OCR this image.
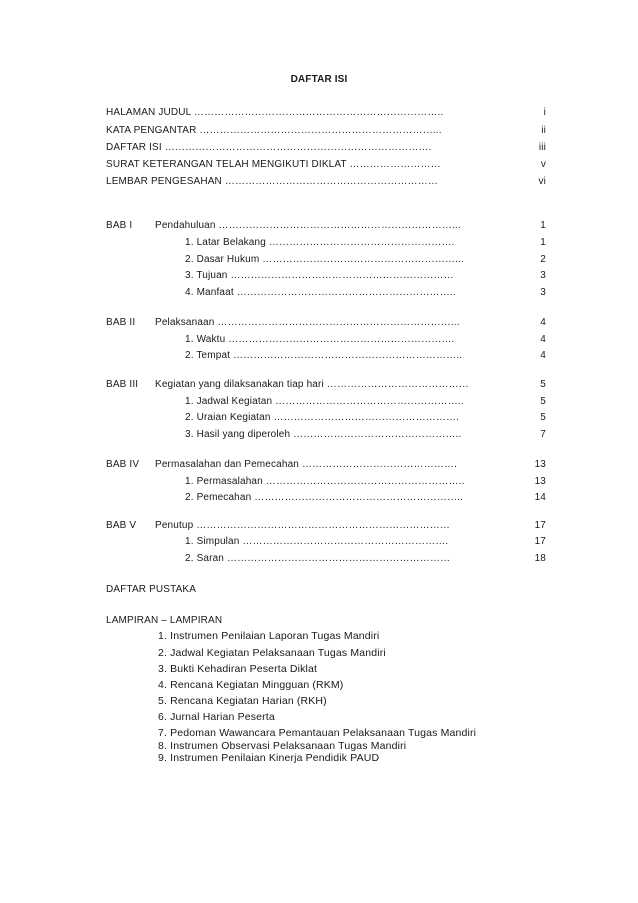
DAFTAR ISI
HALAMAN JUDUL ………………………………………………………………..	i
KATA PENGANTAR ……………………………………………………………...	ii
DAFTAR ISI …………………………………………………………………….	iii
SURAT KETERANGAN TELAH MENGIKUTI DIKLAT ………………………	v
LEMBAR PENGESAHAN ………………………………………………………	vi
BAB I Pendahuluan ……………………………………………………………...	1
1. Latar Belakang ……………………………………………….	1
2. Dasar Hukum …………………………………………………...	2
3. Tujuan …………………………………………………………	3
4. Manfaat ………………………………………………………..	3
BAB II Pelaksanaan ……………………………………………………………...	4
1. Waktu ………………………………………………………….	4
2. Tempat …………………………………………………………..	4
BAB III Kegiatan yang dilaksanakan tiap hari ……………………………………	5
1. Jadwal Kegiatan ………………………………………………..	5
2. Uraian Kegiatan ……………………………………………….	5
3. Hasil yang diperoleh …………………………………………..	7
BAB IV Permasalahan dan Pemecahan ……………………………………….	13
1. Permasalahan …………………………………………………..	13
2. Pemecahan ……………………………………………………..	14
BAB V Penutup …………………………………………………………………	17
1. Simpulan …………………………………………………….	17
2. Saran …………………………………………………………	18
DAFTAR PUSTAKA
LAMPIRAN – LAMPIRAN
1. Instrumen Penilaian Laporan Tugas Mandiri
2. Jadwal Kegiatan Pelaksanaan Tugas Mandiri
3. Bukti Kehadiran Peserta Diklat
4. Rencana Kegiatan Mingguan (RKM)
5. Rencana Kegiatan Harian (RKH)
6. Jurnal Harian Peserta
7. Pedoman Wawancara Pemantauan Pelaksanaan Tugas Mandiri
8. Instrumen Observasi Pelaksanaan Tugas Mandiri
9. Instrumen Penilaian Kinerja Pendidik PAUD
